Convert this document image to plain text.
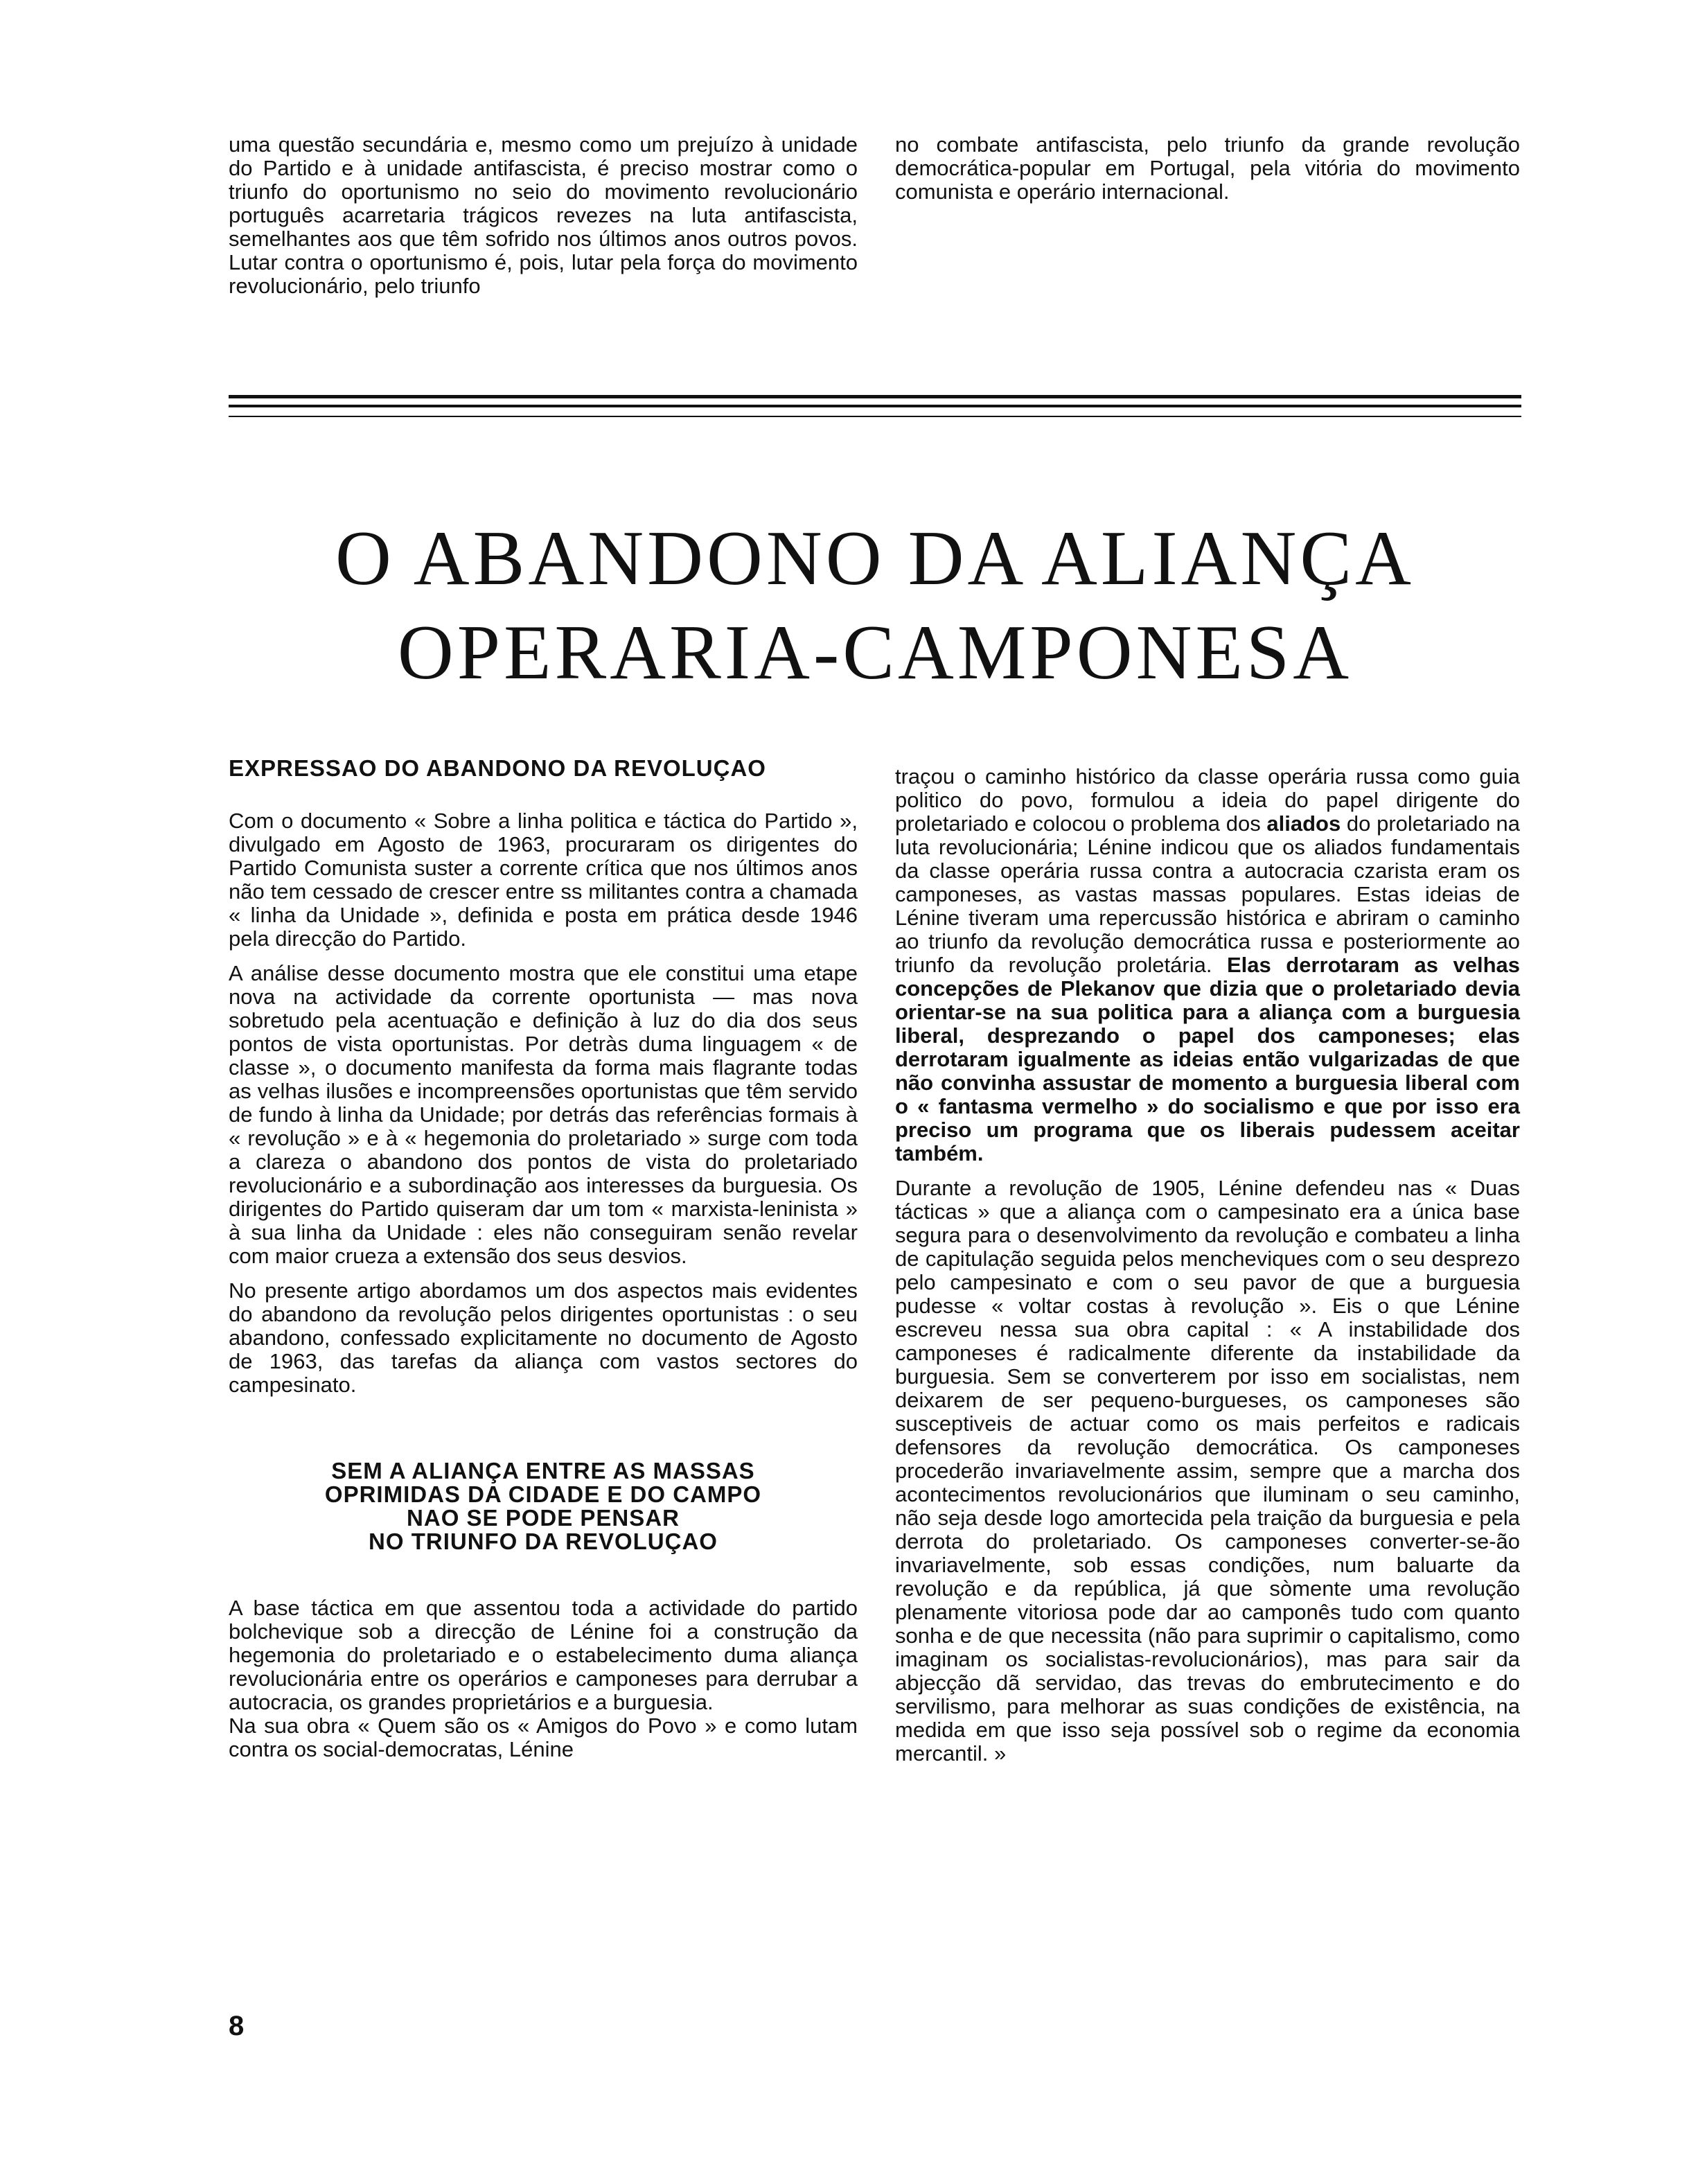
uma questão secundária e, mesmo como um prejuízo à unidade do Partido e à unidade antifascista, é preciso mostrar como o triunfo do oportunismo no seio do movimento revolucionário português acarretaria trágicos revezes na luta antifascista, semelhantes aos que têm sofrido nos últimos anos outros povos. Lutar contra o oportunismo é, pois, lutar pela força do movimento revolucionário, pelo triunfo

no combate antifascista, pelo triunfo da grande revolução democrática-popular em Portugal, pela vitória do movimento comunista e operário internacional.

O ABANDONO DA ALIANÇA
OPERARIA-CAMPONESA
EXPRESSAO DO ABANDONO DA REVOLUÇAO

Com o documento « Sobre a linha politica e táctica do Partido », divulgado em Agosto de 1963, procuraram os dirigentes do Partido Comunista suster a corrente crítica que nos últimos anos não tem cessado de crescer entre ss militantes contra a chamada « linha da Unidade », definida e posta em prática desde 1946 pela direcção do Partido.

A análise desse documento mostra que ele constitui uma etape nova na actividade da corrente oportunista — mas nova sobretudo pela acentuação e definição à luz do dia dos seus pontos de vista oportunistas. Por detràs duma linguagem « de classe », o documento manifesta da forma mais flagrante todas as velhas ilusões e incompreensões oportunistas que têm servido de fundo à linha da Unidade; por detrás das referências formais à « revolução » e à « hegemonia do proletariado » surge com toda a clareza o abandono dos pontos de vista do proletariado revolucionário e a subordinação aos interesses da burguesia. Os dirigentes do Partido quiseram dar um tom « marxista-leninista » à sua linha da Unidade : eles não conseguiram senão revelar com maior crueza a extensão dos seus desvios.

No presente artigo abordamos um dos aspectos mais evidentes do abandono da revolução pelos dirigentes oportunistas : o seu abandono, confessado explicitamente no documento de Agosto de 1963, das tarefas da aliança com vastos sectores do campesinato.

SEM A ALIANÇA ENTRE AS MASSAS
OPRIMIDAS DA CIDADE E DO CAMPO
NAO SE PODE PENSAR
NO TRIUNFO DA REVOLUÇAO

A base táctica em que assentou toda a actividade do partido bolchevique sob a direcção de Lénine foi a construção da hegemonia do proletariado e o estabelecimento duma aliança revolucionária entre os operários e camponeses para derrubar a autocracia, os grandes proprietários e a burguesia.

Na sua obra « Quem são os « Amigos do Povo » e como lutam contra os social-democratas, Lénine

traçou o caminho histórico da classe operária russa como guia politico do povo, formulou a ideia do papel dirigente do proletariado e colocou o problema dos aliados do proletariado na luta revolucionária; Lénine indicou que os aliados fundamentais da classe operária russa contra a autocracia czarista eram os camponeses, as vastas massas populares. Estas ideias de Lénine tiveram uma repercussão histórica e abriram o caminho ao triunfo da revolução democrática russa e posteriormente ao triunfo da revolução proletária. Elas derrotaram as velhas concepções de Plekanov que dizia que o proletariado devia orientar-se na sua politica para a aliança com a burguesia liberal, desprezando o papel dos camponeses; elas derrotaram igualmente as ideias então vulgarizadas de que não convinha assustar de momento a burguesia liberal com o « fantasma vermelho » do socialismo e que por isso era preciso um programa que os liberais pudessem aceitar também.

Durante a revolução de 1905, Lénine defendeu nas « Duas tácticas » que a aliança com o campesinato era a única base segura para o desenvolvimento da revolução e combateu a linha de capitulação seguida pelos mencheviques com o seu desprezo pelo campesinato e com o seu pavor de que a burguesia pudesse « voltar costas à revolução ». Eis o que Lénine escreveu nessa sua obra capital : « A instabilidade dos camponeses é radicalmente diferente da instabilidade da burguesia. Sem se converterem por isso em socialistas, nem deixarem de ser pequeno-burgueses, os camponeses são susceptiveis de actuar como os mais perfeitos e radicais defensores da revolução democrática. Os camponeses procederão invariavelmente assim, sempre que a marcha dos acontecimentos revolucionários que iluminam o seu caminho, não seja desde logo amortecida pela traição da burguesia e pela derrota do proletariado. Os camponeses converter-se-ão invariavelmente, sob essas condições, num baluarte da revolução e da república, já que sòmente uma revolução plenamente vitoriosa pode dar ao camponês tudo com quanto sonha e de que necessita (não para suprimir o capitalismo, como imaginam os socialistas-revolucionários), mas para sair da abjecção dã servidao, das trevas do embrutecimento e do servilismo, para melhorar as suas condições de existência, na medida em que isso seja possível sob o regime da economia mercantil. »

8
